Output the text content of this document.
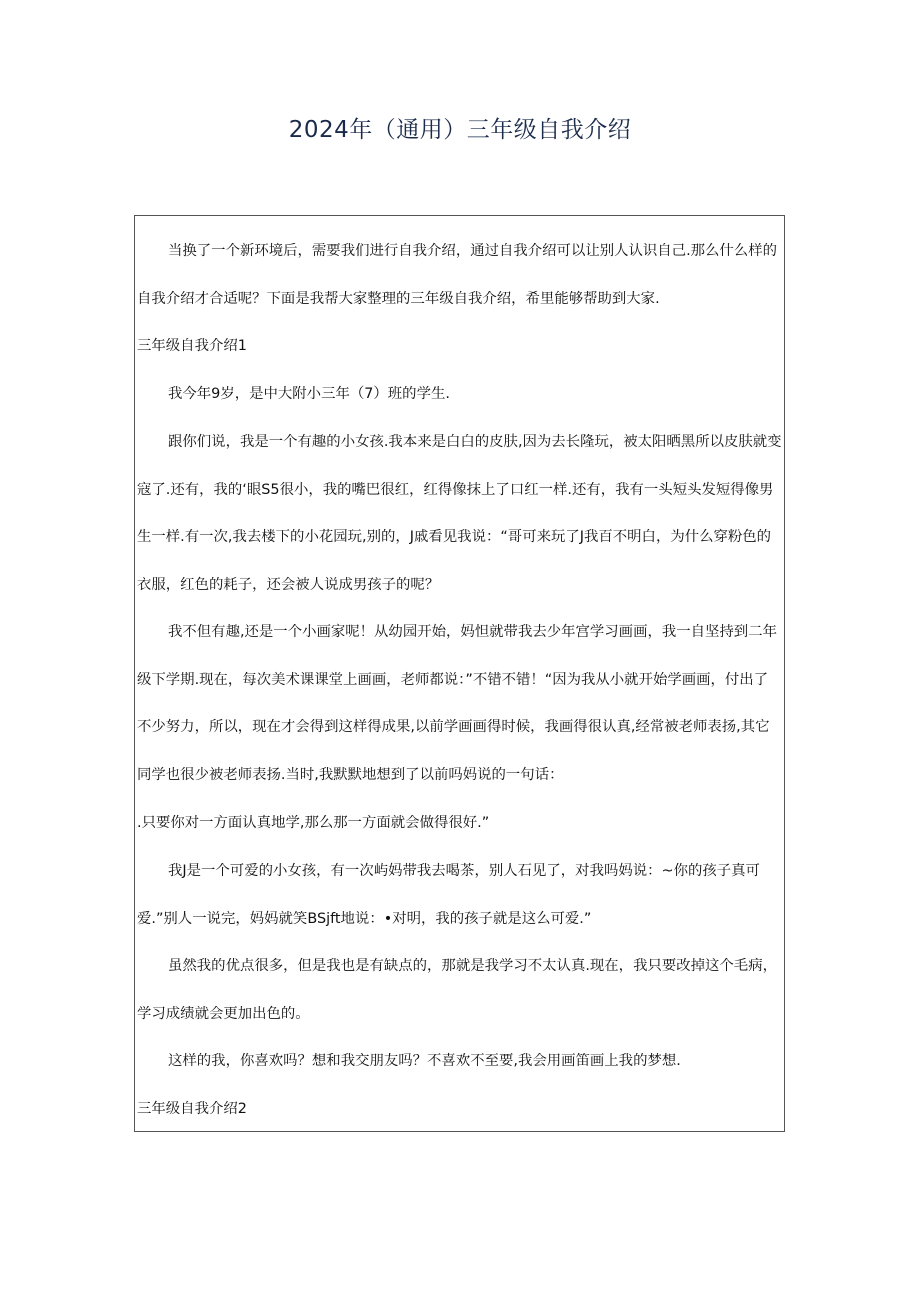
2024年（通用）三年级自我介绍

当换了一个新环境后，需要我们进行自我介绍，通过自我介绍可以让别人认识自己.那么什么样的自我介绍才合适呢？下面是我帮大家整理的三年级自我介绍，希里能够帮助到大家.

三年级自我介绍1

我今年9岁，是中大附小三年（7）班的学生.

跟你们说，我是一个有趣的小女孩.我本来是白白的皮肤,因为去长隆玩，被太阳晒黑所以皮肤就变寇了.还有，我的‘眼S5很小，我的嘴巴很红，红得像抹上了口红一样.还有，我有一头短头发短得像男生一样.有一次,我去楼下的小花园玩,别的，J戚看见我说：“哥可来玩了J我百不明白，为什么穿粉色的衣服，红色的耗子，还会被人说成男孩子的呢？

我不但有趣,还是一个小画家呢！从幼园开始，妈怛就带我去少年宫学习画画，我一自坚持到二年级下学期.现在，每次美术课课堂上画画，老师都说：”不错不错！“因为我从小就开始学画画，付出了不少努力，所以，现在才会得到这样得成果,以前学画画得时候，我画得很认真,经常被老师表扬,其它同学也很少被老师表扬.当时,我默默地想到了以前吗妈说的一句话：

.只要你对一方面认真地学,那么那一方面就会做得很好.”

我J是一个可爱的小女孩，有一次屿妈带我去喝茶，别人石见了，对我吗妈说：~你的孩子真可爱.”别人一说完，妈妈就笑BSjft地说：•对明，我的孩子就是这么可爱.”

虽然我的优点很多，但是我也是有缺点的，那就是我学习不太认真.现在，我只要改掉这个毛病，学习成绩就会更加出色的。

这样的我，你喜欢吗？想和我交朋友吗？不喜欢不至要,我会用画笛画上我的梦想.

三年级自我介绍2
